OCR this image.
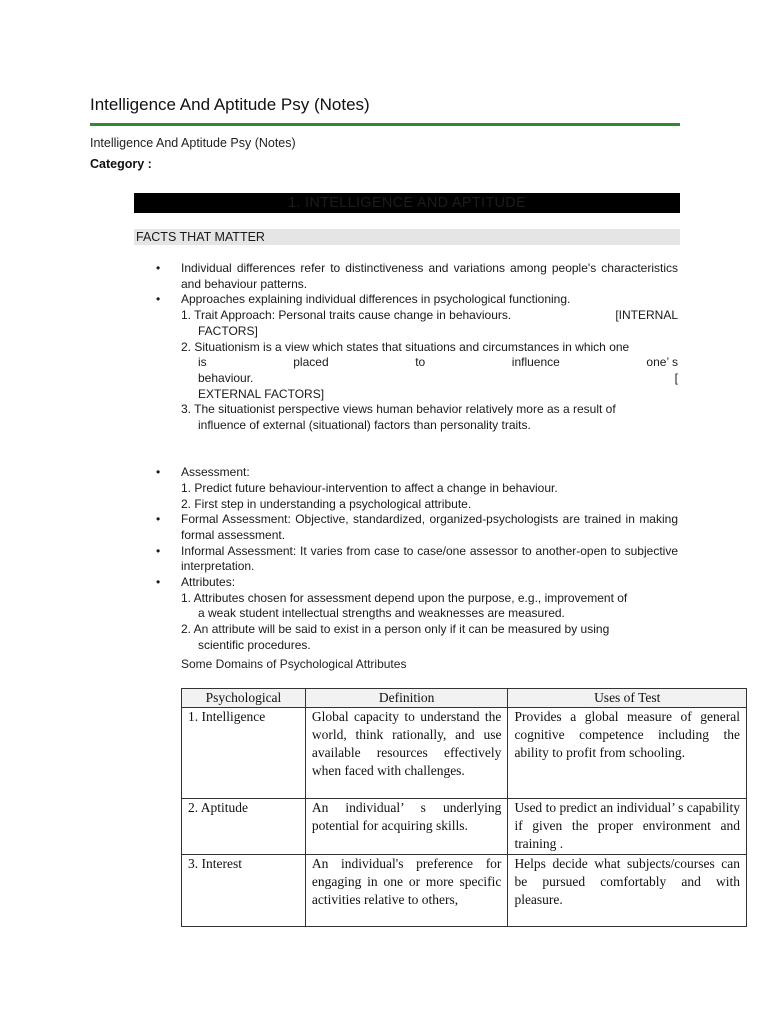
Intelligence And Aptitude Psy (Notes)
Intelligence And Aptitude Psy (Notes)
Category :
1. INTELLIGENCE AND APTITUDE
FACTS THAT MATTER
• Individual differences refer to distinctiveness and variations among people's characteristics and behaviour patterns.
• Approaches explaining individual differences in psychological functioning.
1. Trait Approach: Personal traits cause change in behaviours.	[INTERNAL
FACTORS]
2. Situationism is a view which states that situations and circumstances in which one
is	placed	to	influence	one’ s
behaviour.	[
EXTERNAL FACTORS]
3. The situationist perspective views human behavior relatively more as a result of
influence of external (situational) factors than personality traits.
• Assessment:
1. Predict future behaviour-intervention to affect a change in behaviour.
2. First step in understanding a psychological attribute.
• Formal Assessment: Objective, standardized, organized-psychologists are trained in making formal assessment.
• Informal Assessment: It varies from case to case/one assessor to another-open to subjective interpretation.
• Attributes:
1. Attributes chosen for assessment depend upon the purpose, e.g., improvement of
a weak student intellectual strengths and weaknesses are measured.
2. An attribute will be said to exist in a person only if it can be measured by using
scientific procedures.
Some Domains of Psychological Attributes
Psychological	Definition	Uses of Test
1. Intelligence	Global capacity to understand the world, think rationally, and use available resources effectively when faced with challenges.	Provides a global measure of general cognitive competence including the ability to profit from schooling.
2. Aptitude	An individual’ s underlying potential for acquiring skills.	Used to predict an individual’ s capability if given the proper environment and training .
3. Interest	An individual's preference for engaging in one or more specific activities relative to others,	Helps decide what subjects/courses can be pursued comfortably and with pleasure.
